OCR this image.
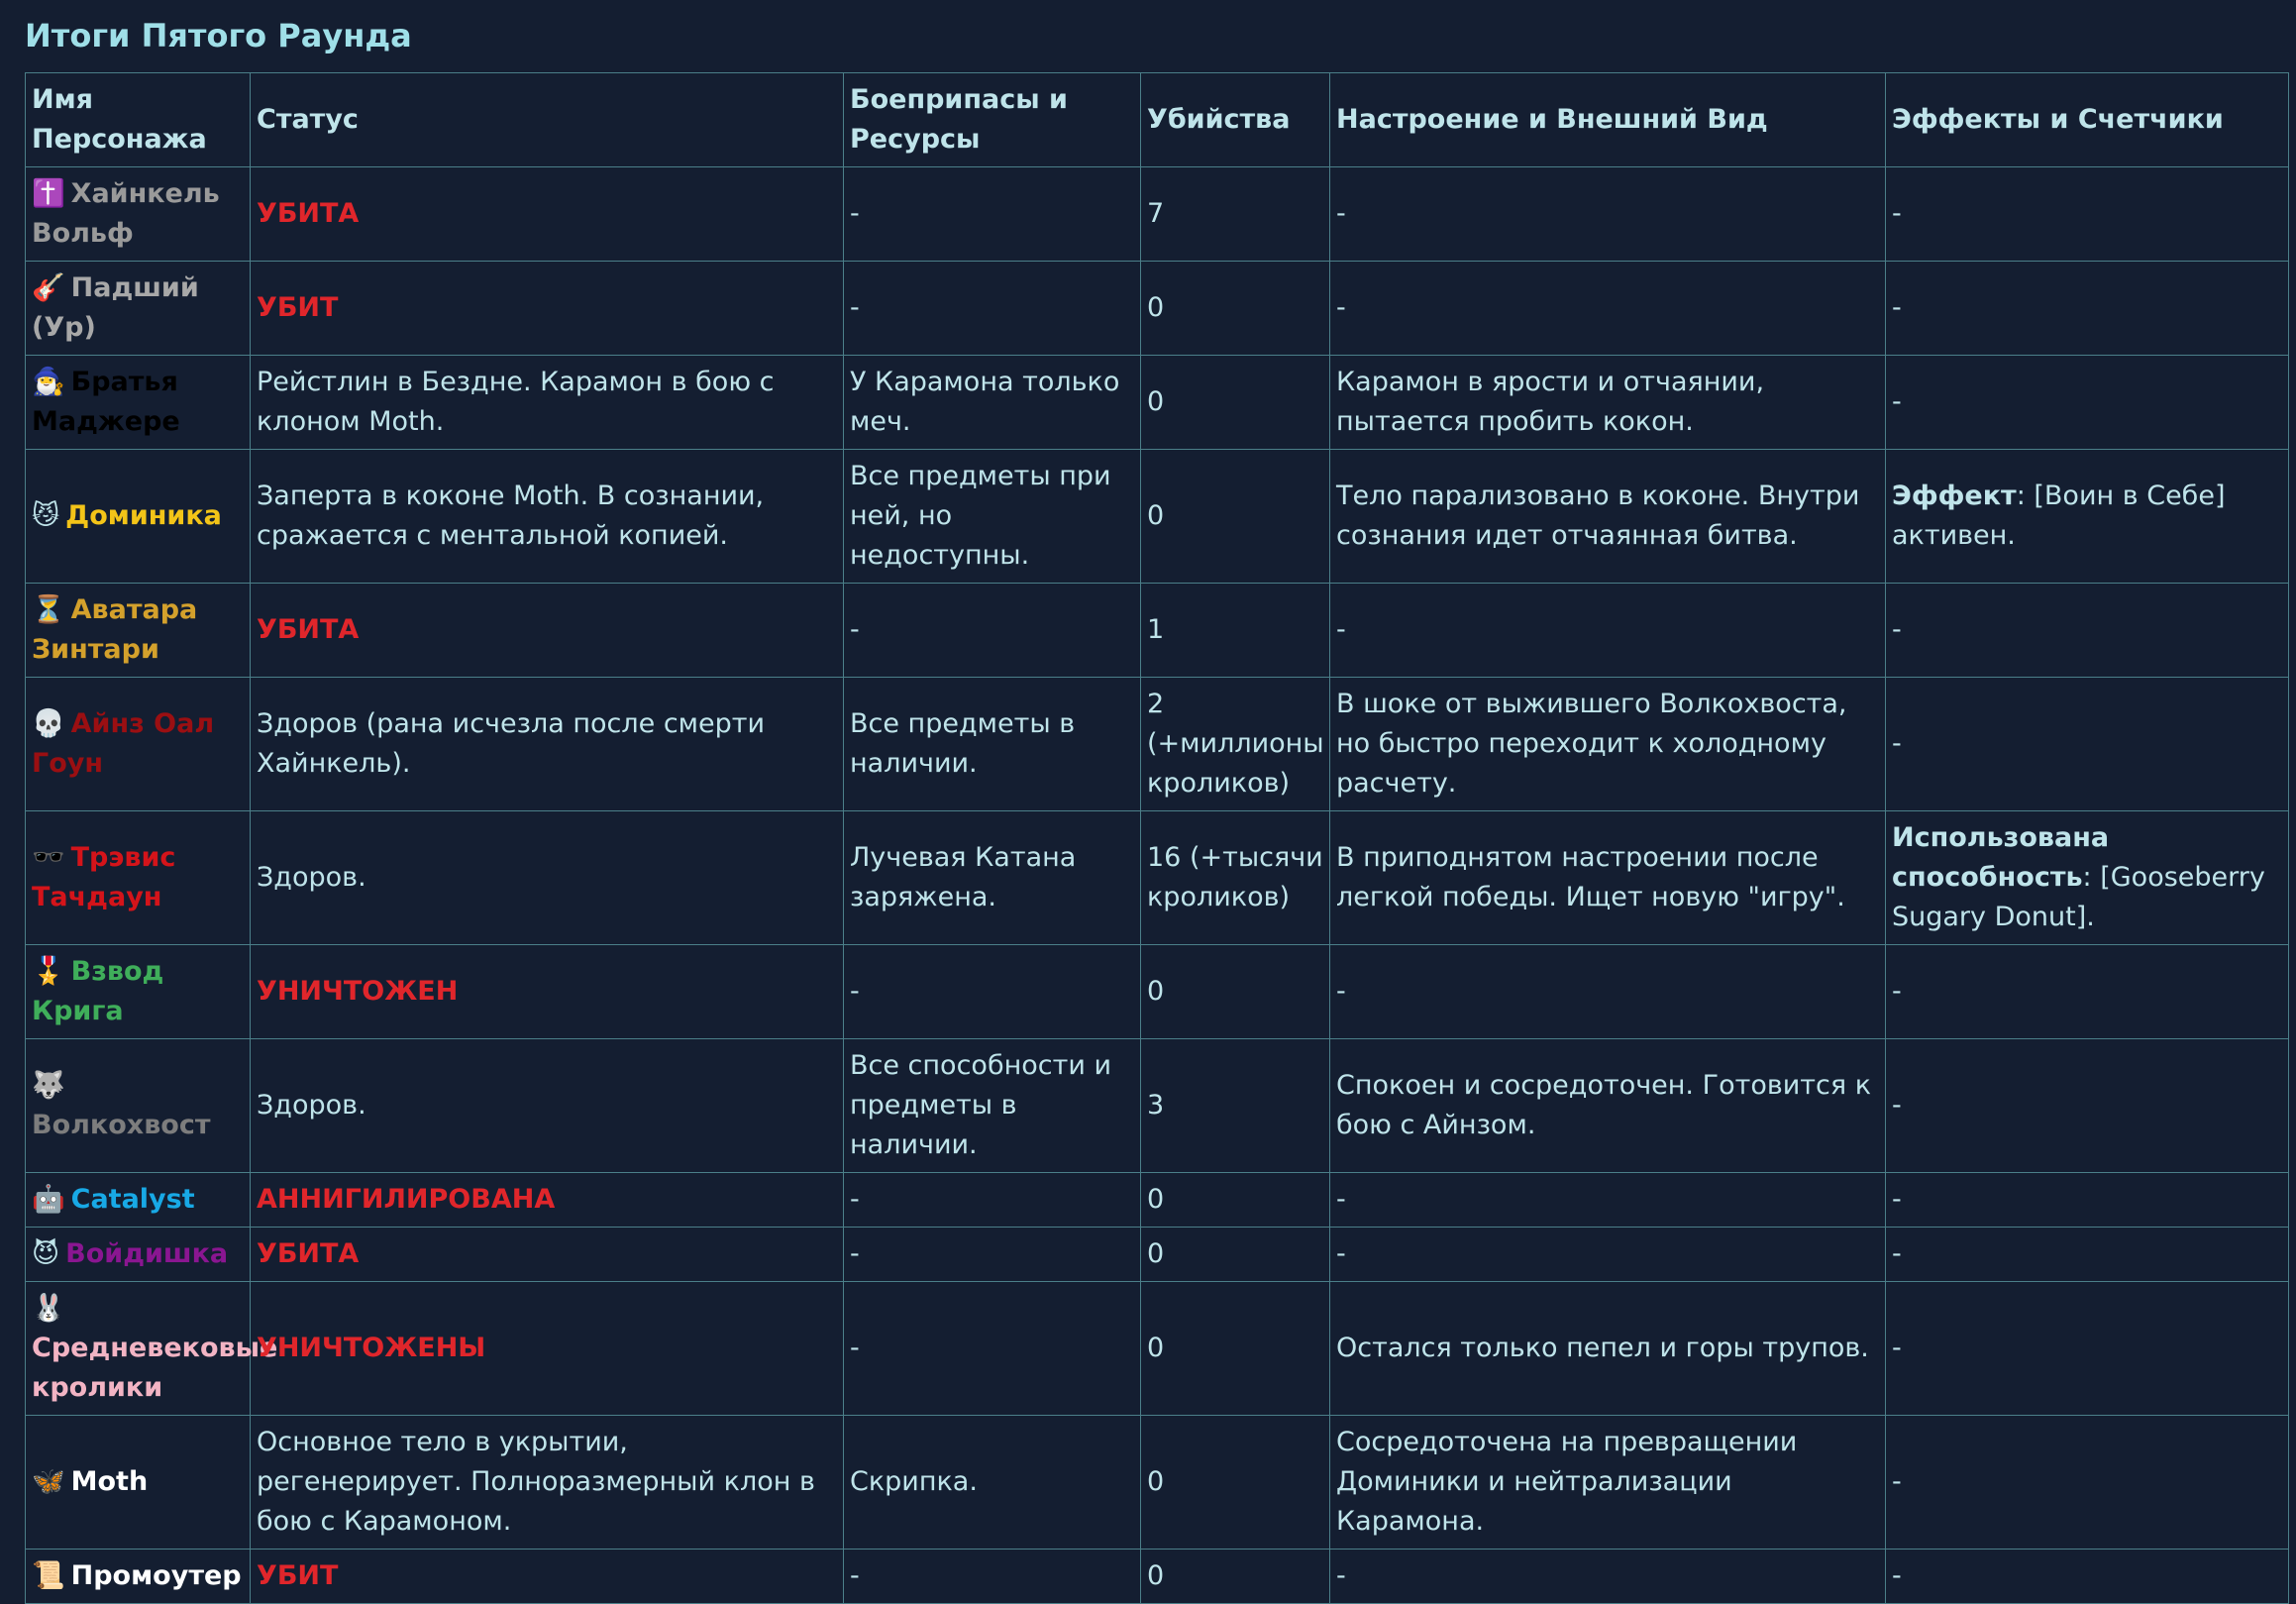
Итоги Пятого Раунда
Имя Персонажа	Статус	Боеприпасы и Ресурсы	Убийства	Настроение и Внешний Вид	Эффекты и Счетчики
✝️ Хайнкель Вольф	УБИТА	-	7	-	-
🎸 Падший (Ур)	УБИТ	-	0	-	-
🧙‍♂️ Братья Маджере	Рейстлин в Бездне. Карамон в бою с клоном Moth.	У Карамона только меч.	0	Карамон в ярости и отчаянии, пытается пробить кокон.	-
😼 Доминика	Заперта в коконе Moth. В сознании, сражается с ментальной копией.	Все предметы при ней, но недоступны.	0	Тело парализовано в коконе. Внутри сознания идет отчаянная битва.	Эффект: [Воин в Себе] активен.
⏳ Аватара Зинтари	УБИТА	-	1	-	-
💀 Айнз Оал Гоун	Здоров (рана исчезла после смерти Хайнкель).	Все предметы в наличии.	2 (+миллионы кроликов)	В шоке от выжившего Волкохвоста, но быстро переходит к холодному расчету.	-
🕶️ Трэвис Тачдаун	Здоров.	Лучевая Катана заряжена.	16 (+тысячи кроликов)	В приподнятом настроении после легкой победы. Ищет новую "игру".	Использована способность: [Gooseberry Sugary Donut].
🎖️ Взвод Крига	УНИЧТОЖЕН	-	0	-	-
🐺Волкохвост	Здоров.	Все способности и предметы в наличии.	3	Спокоен и сосредоточен. Готовится к бою с Айнзом.	-
🤖 Catalyst	АННИГИЛИРОВАНА	-	0	-	-
😈 Войдишка	УБИТА	-	0	-	-
🐰Средневековые кролики	УНИЧТОЖЕНЫ	-	0	Остался только пепел и горы трупов.	-
🦋 Moth	Основное тело в укрытии, регенерирует. Полноразмерный клон в бою с Карамоном.	Скрипка.	0	Сосредоточена на превращении Доминики и нейтрализации Карамона.	-
📜 Промоутер	УБИТ	-	0	-	-
